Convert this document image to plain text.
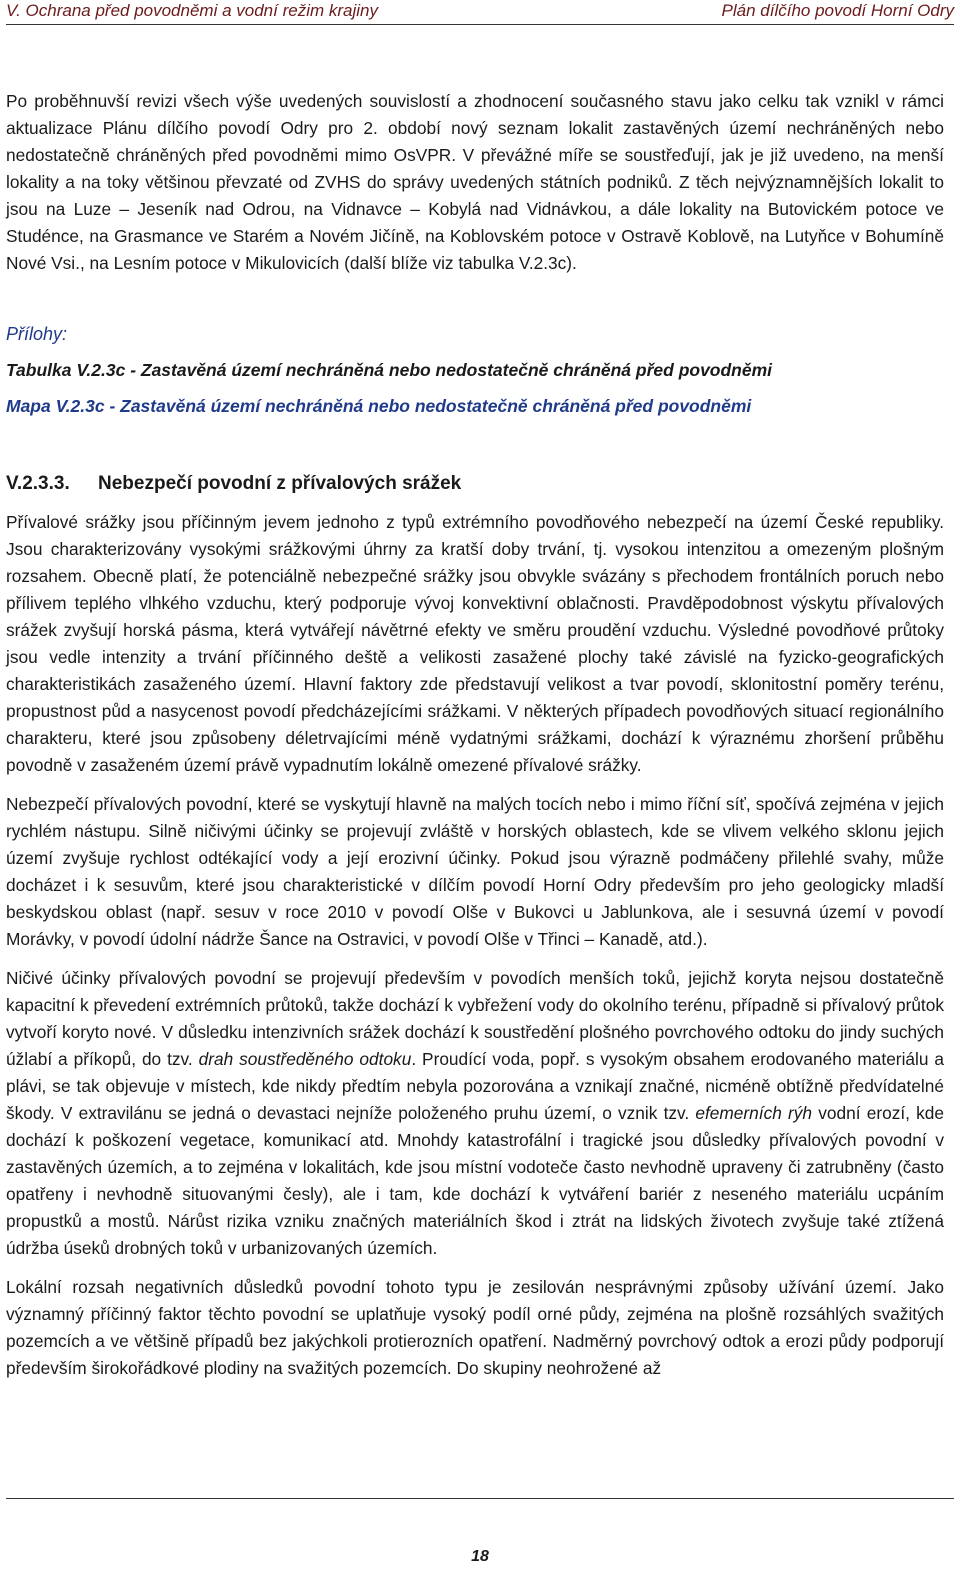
V. Ochrana před povodněmi a vodní režim krajiny	Plán dílčího povodí Horní Odry

Po proběhnuvší revizi všech výše uvedených souvislostí a zhodnocení současného stavu jako celku tak vznikl v rámci aktualizace Plánu dílčího povodí Odry pro 2. období nový seznam lokalit zastavěných území nechráněných nebo nedostatečně chráněných před povodněmi mimo OsVPR. V převážné míře se soustřeďují, jak je již uvedeno, na menší lokality a na toky většinou převzaté od ZVHS do správy uvedených státních podniků. Z těch nejvýznamnějších lokalit to jsou na Luze – Jeseník nad Odrou, na Vidnavce – Kobylá nad Vidnávkou, a dále lokality na Butovickém potoce ve Studénce, na Grasmance ve Starém a Novém Jičíně, na Koblovském potoce v Ostravě Koblově, na Lutyňce v Bohumíně Nové Vsi., na Lesním potoce v Mikulovicích (další blíže viz tabulka V.2.3c).

Přílohy:
Tabulka V.2.3c - Zastavěná území nechráněná nebo nedostatečně chráněná před povodněmi
Mapa V.2.3c - Zastavěná území nechráněná nebo nedostatečně chráněná před povodněmi
V.2.3.3. Nebezpečí povodní z přívalových srážek

Přívalové srážky jsou příčinným jevem jednoho z typů extrémního povodňového nebezpečí na území České republiky. Jsou charakterizovány vysokými srážkovými úhrny za kratší doby trvání, tj. vysokou intenzitou a omezeným plošným rozsahem. Obecně platí, že potenciálně nebezpečné srážky jsou obvykle svázány s přechodem frontálních poruch nebo přílivem teplého vlhkého vzduchu, který podporuje vývoj konvektivní oblačnosti. Pravděpodobnost výskytu přívalových srážek zvyšují horská pásma, která vytvářejí návětrné efekty ve směru proudění vzduchu. Výsledné povodňové průtoky jsou vedle intenzity a trvání příčinného deště a velikosti zasažené plochy také závislé na fyzicko-geografických charakteristikách zasaženého území. Hlavní faktory zde představují velikost a tvar povodí, sklonitostní poměry terénu, propustnost půd a nasycenost povodí předcházejícími srážkami. V některých případech povodňových situací regionálního charakteru, které jsou způsobeny déletrvajícími méně vydatnými srážkami, dochází k výraznému zhoršení průběhu povodně v zasaženém území právě vypadnutím lokálně omezené přívalové srážky.

Nebezpečí přívalových povodní, které se vyskytují hlavně na malých tocích nebo i mimo říční síť, spočívá zejména v jejich rychlém nástupu. Silně ničivými účinky se projevují zvláště v horských oblastech, kde se vlivem velkého sklonu jejich území zvyšuje rychlost odtékající vody a její erozivní účinky. Pokud jsou výrazně podmáčeny přilehlé svahy, může docházet i k sesuvům, které jsou charakteristické v dílčím povodí Horní Odry především pro jeho geologicky mladší beskydskou oblast (např. sesuv v roce 2010 v povodí Olše v Bukovci u Jablunkova, ale i sesuvná území v povodí Morávky, v povodí údolní nádrže Šance na Ostravici, v povodí Olše v Třinci – Kanadě, atd.).

Ničivé účinky přívalových povodní se projevují především v povodích menších toků, jejichž koryta nejsou dostatečně kapacitní k převedení extrémních průtoků, takže dochází k vybřežení vody do okolního terénu, případně si přívalový průtok vytvoří koryto nové. V důsledku intenzivních srážek dochází k soustředění plošného povrchového odtoku do jindy suchých úžlabí a příkopů, do tzv. drah soustředěného odtoku. Proudící voda, popř. s vysokým obsahem erodovaného materiálu a plávi, se tak objevuje v místech, kde nikdy předtím nebyla pozorována a vznikají značné, nicméně obtížně předvídatelné škody. V extravilánu se jedná o devastaci nejníže položeného pruhu území, o vznik tzv. efemerních rýh vodní erozí, kde dochází k poškození vegetace, komunikací atd. Mnohdy katastrofální i tragické jsou důsledky přívalových povodní v zastavěných územích, a to zejména v lokalitách, kde jsou místní vodoteče často nevhodně upraveny či zatrubněny (často opatřeny i nevhodně situovanými česly), ale i tam, kde dochází k vytváření bariér z neseného materiálu ucpáním propustků a mostů. Nárůst rizika vzniku značných materiálních škod i ztrát na lidských životech zvyšuje také ztížená údržba úseků drobných toků v urbanizovaných územích.

Lokální rozsah negativních důsledků povodní tohoto typu je zesilován nesprávnými způsoby užívání území. Jako významný příčinný faktor těchto povodní se uplatňuje vysoký podíl orné půdy, zejména na plošně rozsáhlých svažitých pozemcích a ve většině případů bez jakýchkoli protierozních opatření. Nadměrný povrchový odtok a erozi půdy podporují především širokořádkové plodiny na svažitých pozemcích. Do skupiny neohrožené až

18
